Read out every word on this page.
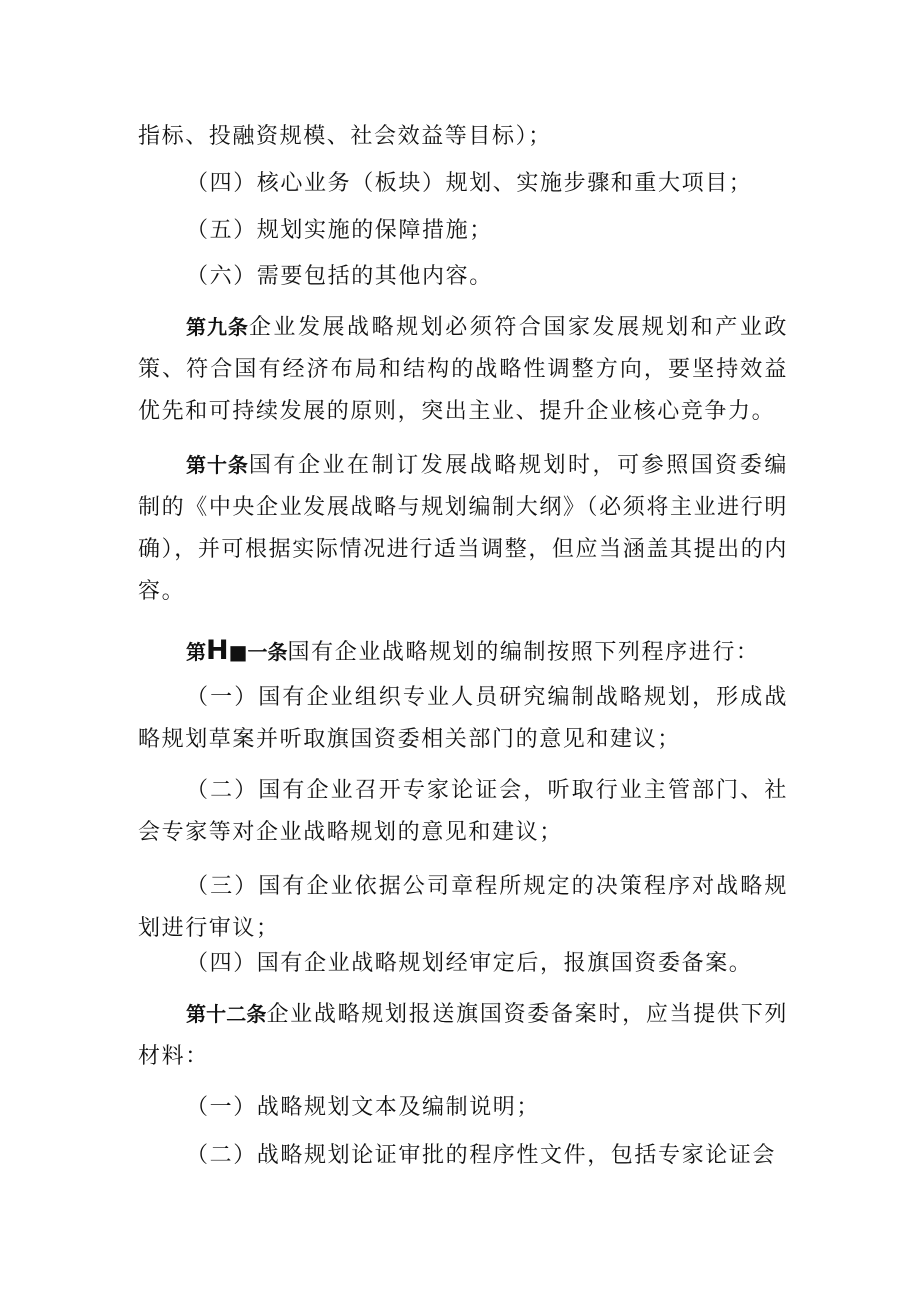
指标、投融资规模、社会效益等目标）；

（四）核心业务（板块）规划、实施步骤和重大项目；

（五）规划实施的保障措施；

（六）需要包括的其他内容。

第九条企业发展战略规划必须符合国家发展规划和产业政策、符合国有经济布局和结构的战略性调整方向，要坚持效益优先和可持续发展的原则，突出主业、提升企业核心竞争力。

第十条国有企业在制订发展战略规划时，可参照国资委编制的《中央企业发展战略与规划编制大纲》（必须将主业进行明确），并可根据实际情况进行适当调整，但应当涵盖其提出的内容。

第H■一条国有企业战略规划的编制按照下列程序进行：

（一）国有企业组织专业人员研究编制战略规划，形成战略规划草案并听取旗国资委相关部门的意见和建议；

（二）国有企业召开专家论证会，听取行业主管部门、社会专家等对企业战略规划的意见和建议；

（三）国有企业依据公司章程所规定的决策程序对战略规划进行审议；

（四）国有企业战略规划经审定后，报旗国资委备案。

第十二条企业战略规划报送旗国资委备案时，应当提供下列材料：

（一）战略规划文本及编制说明；

（二）战略规划论证审批的程序性文件，包括专家论证会
